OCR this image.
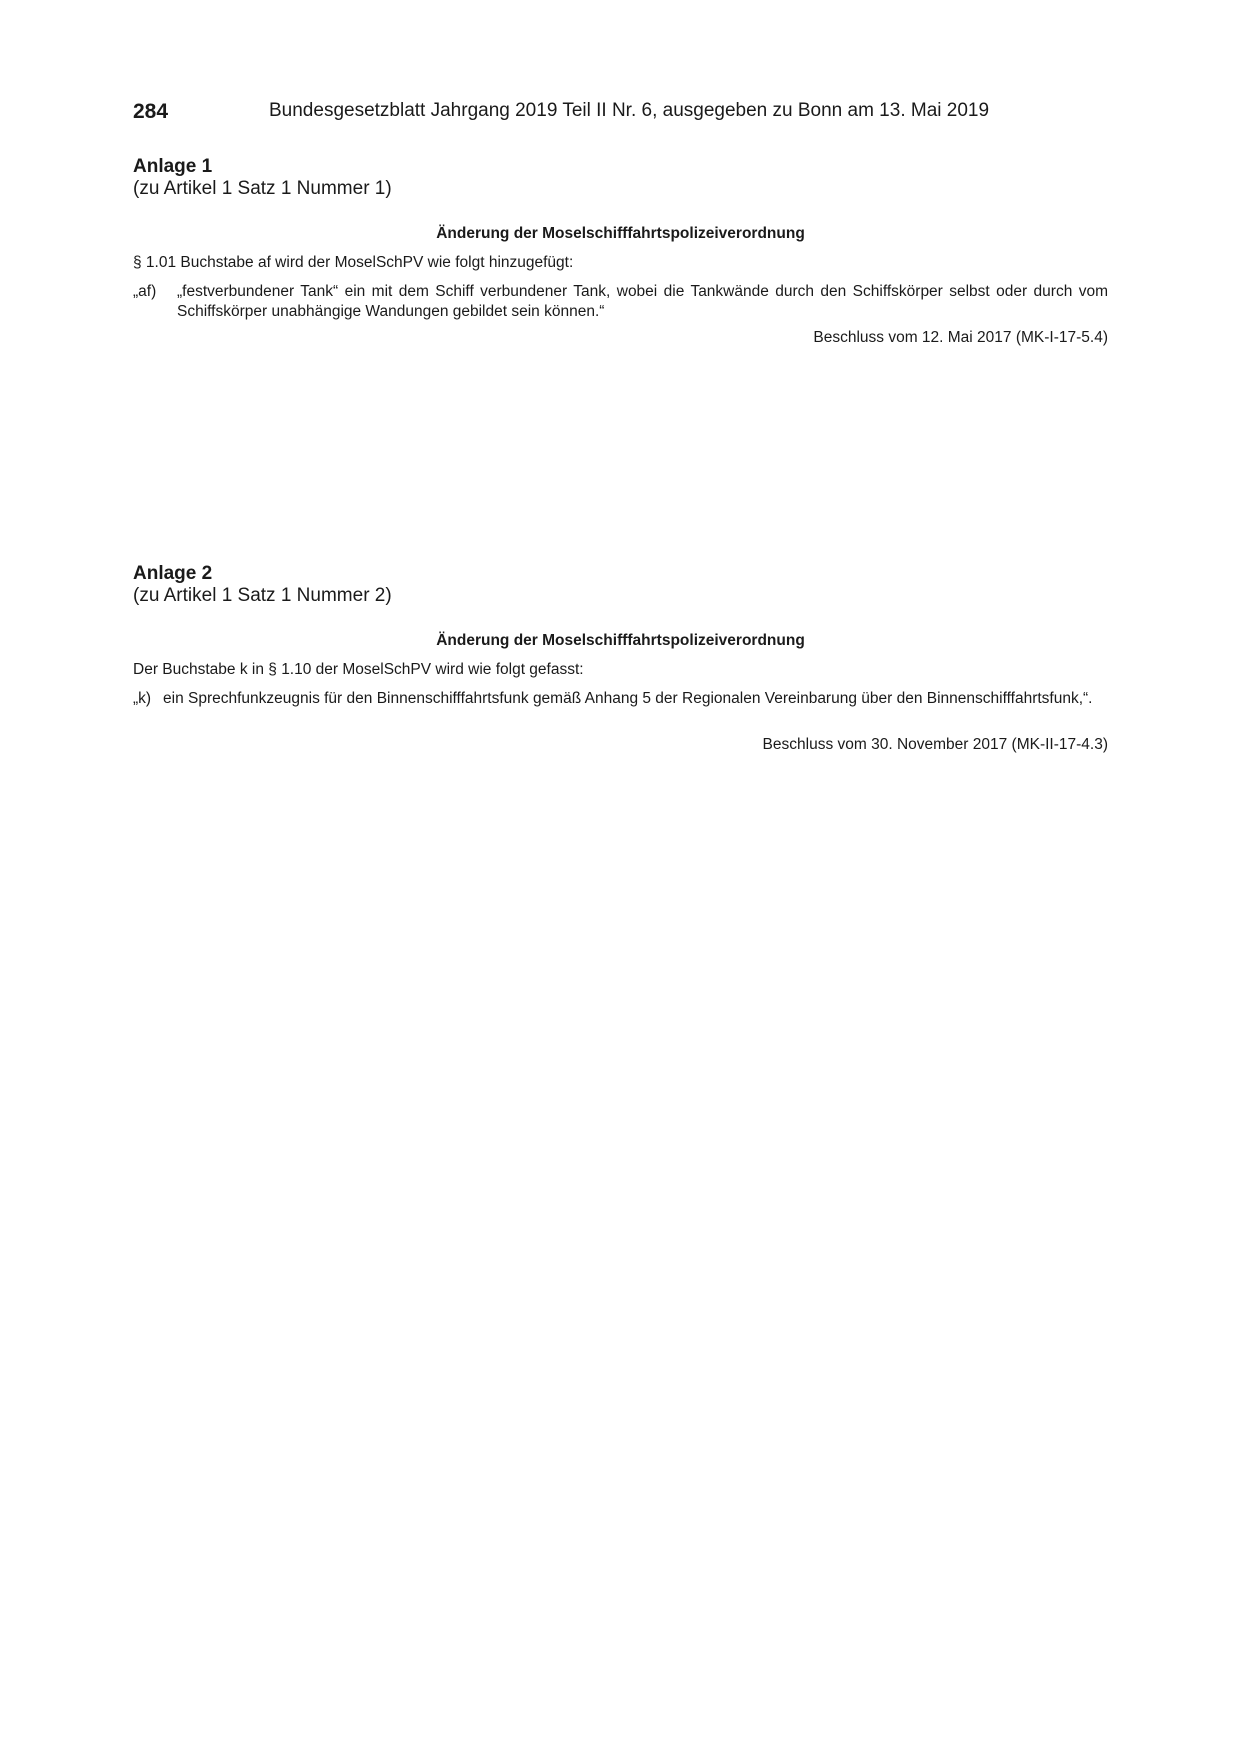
284	Bundesgesetzblatt Jahrgang 2019 Teil II Nr. 6, ausgegeben zu Bonn am 13. Mai 2019

Anlage 1

(zu Artikel 1 Satz 1 Nummer 1)

Änderung der Moselschifffahrtspolizeiverordnung

§ 1.01 Buchstabe af wird der MoselSchPV wie folgt hinzugefügt:

„af) „festverbundener Tank“ ein mit dem Schiff verbundener Tank, wobei die Tankwände durch den Schiffskörper selbst oder durch vom Schiffskörper unabhängige Wandungen gebildet sein können.“

Beschluss vom 12. Mai 2017 (MK-I-17-5.4)

Anlage 2

(zu Artikel 1 Satz 1 Nummer 2)

Änderung der Moselschifffahrtspolizeiverordnung

Der Buchstabe k in § 1.10 der MoselSchPV wird wie folgt gefasst:

„k) ein Sprechfunkzeugnis für den Binnenschifffahrtsfunk gemäß Anhang 5 der Regionalen Vereinbarung über den Binnenschifffahrtsfunk,“.

Beschluss vom 30. November 2017 (MK-II-17-4.3)
